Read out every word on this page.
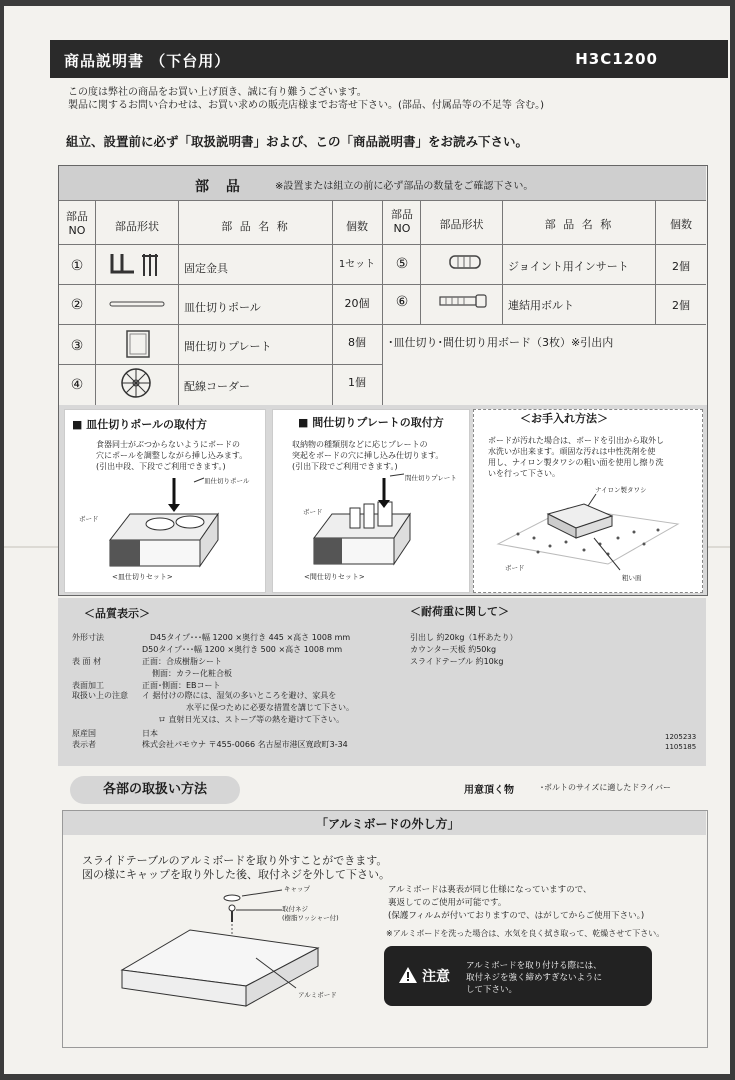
商品説明書 （下台用）	H3C1200
この度は弊社の商品をお買い上げ頂き、誠に有り難うございます。
製品に関するお問い合わせは、お買い求めの販売店様までお寄せ下さい。(部品、付属品等の不足等 含む。)
組立、設置前に必ず「取扱説明書」および、この「商品説明書」をお読み下さい。
部 品	※設置または組立の前に必ず部品の数量をご確認下さい。
部品 NO	部品形状	部 品 名 称	個数
①	固定金具	1セット
②	皿仕切りポール	20個
③	間仕切りプレート	8個
④	配線コーダー	1個
部品 NO	部品形状	部 品 名 称	個数
⑤	ジョイント用インサート	2個
⑥	連結用ボルト	2個
･皿仕切り･間仕切り用ボード（3枚）※引出内
■ 皿仕切りポールの取付方
食器同士がぶつからないようにボードの
穴にポールを調整しながら挿し込みます。
(引出中段、下段でご利用できます。)
皿仕切りポール
ボード
<皿仕切りセット>
■ 間仕切りプレートの取付方
収納物の種類別などに応じプレートの
突起をボードの穴に挿し込み仕切ります。
(引出下段でご利用できます。)
間仕切りプレート
ボード
<間仕切りセット>
＜お手入れ方法＞
ボードが汚れた場合は、ボードを引出から取外し
水洗いが出来ます。頑固な汚れは中性洗剤を使
用し、ナイロン製タワシの粗い面を使用し擦り洗
いを行って下さい。
ナイロン製タワシ
ボード
粗い面
＜品質表示＞
外形寸法	D45タイプ･･･幅 1200 ×奥行き 445 ×高さ 1008 mm
D50タイプ･･･幅 1200 ×奥行き 500 ×高さ 1008 mm
表 面 材	正面：合成樹脂シート
側面：カラー化粧合板
表面加工	正面･側面：EBコート
取扱い上の注意 イ 据付けの際には、湿気の多いところを避け、家具を
水平に保つために必要な措置を講じて下さい。
ロ 直射日光又は、ストーブ等の熱を避けて下さい。
原産国	日本
表示者	株式会社パモウナ 〒455-0066 名古屋市港区寛政町3-34
＜耐荷重に関して＞
引出し 約20kg（1杯あたり）
カウンター天板 約50kg
スライドテーブル 約10kg
1205233
1105185
各部の取扱い方法	用意頂く物	･ボルトのサイズに適したドライバー
「アルミボードの外し方」
スライドテーブルのアルミボードを取り外すことができます。
図の様にキャップを取り外した後、取付ネジを外して下さい。
キャップ
取付ネジ
(樹脂ワッシャー付)
アルミボード
アルミボードは裏表が同じ仕様になっていますので、
裏返してのご使用が可能です。
(保護フィルムが付いておりますので、はがしてからご使用下さい。)
※アルミボードを洗った場合は、水気を良く拭き取って、乾燥させて下さい。
注意
アルミボードを取り付ける際には、
取付ネジを強く締めすぎないように
して下さい。
